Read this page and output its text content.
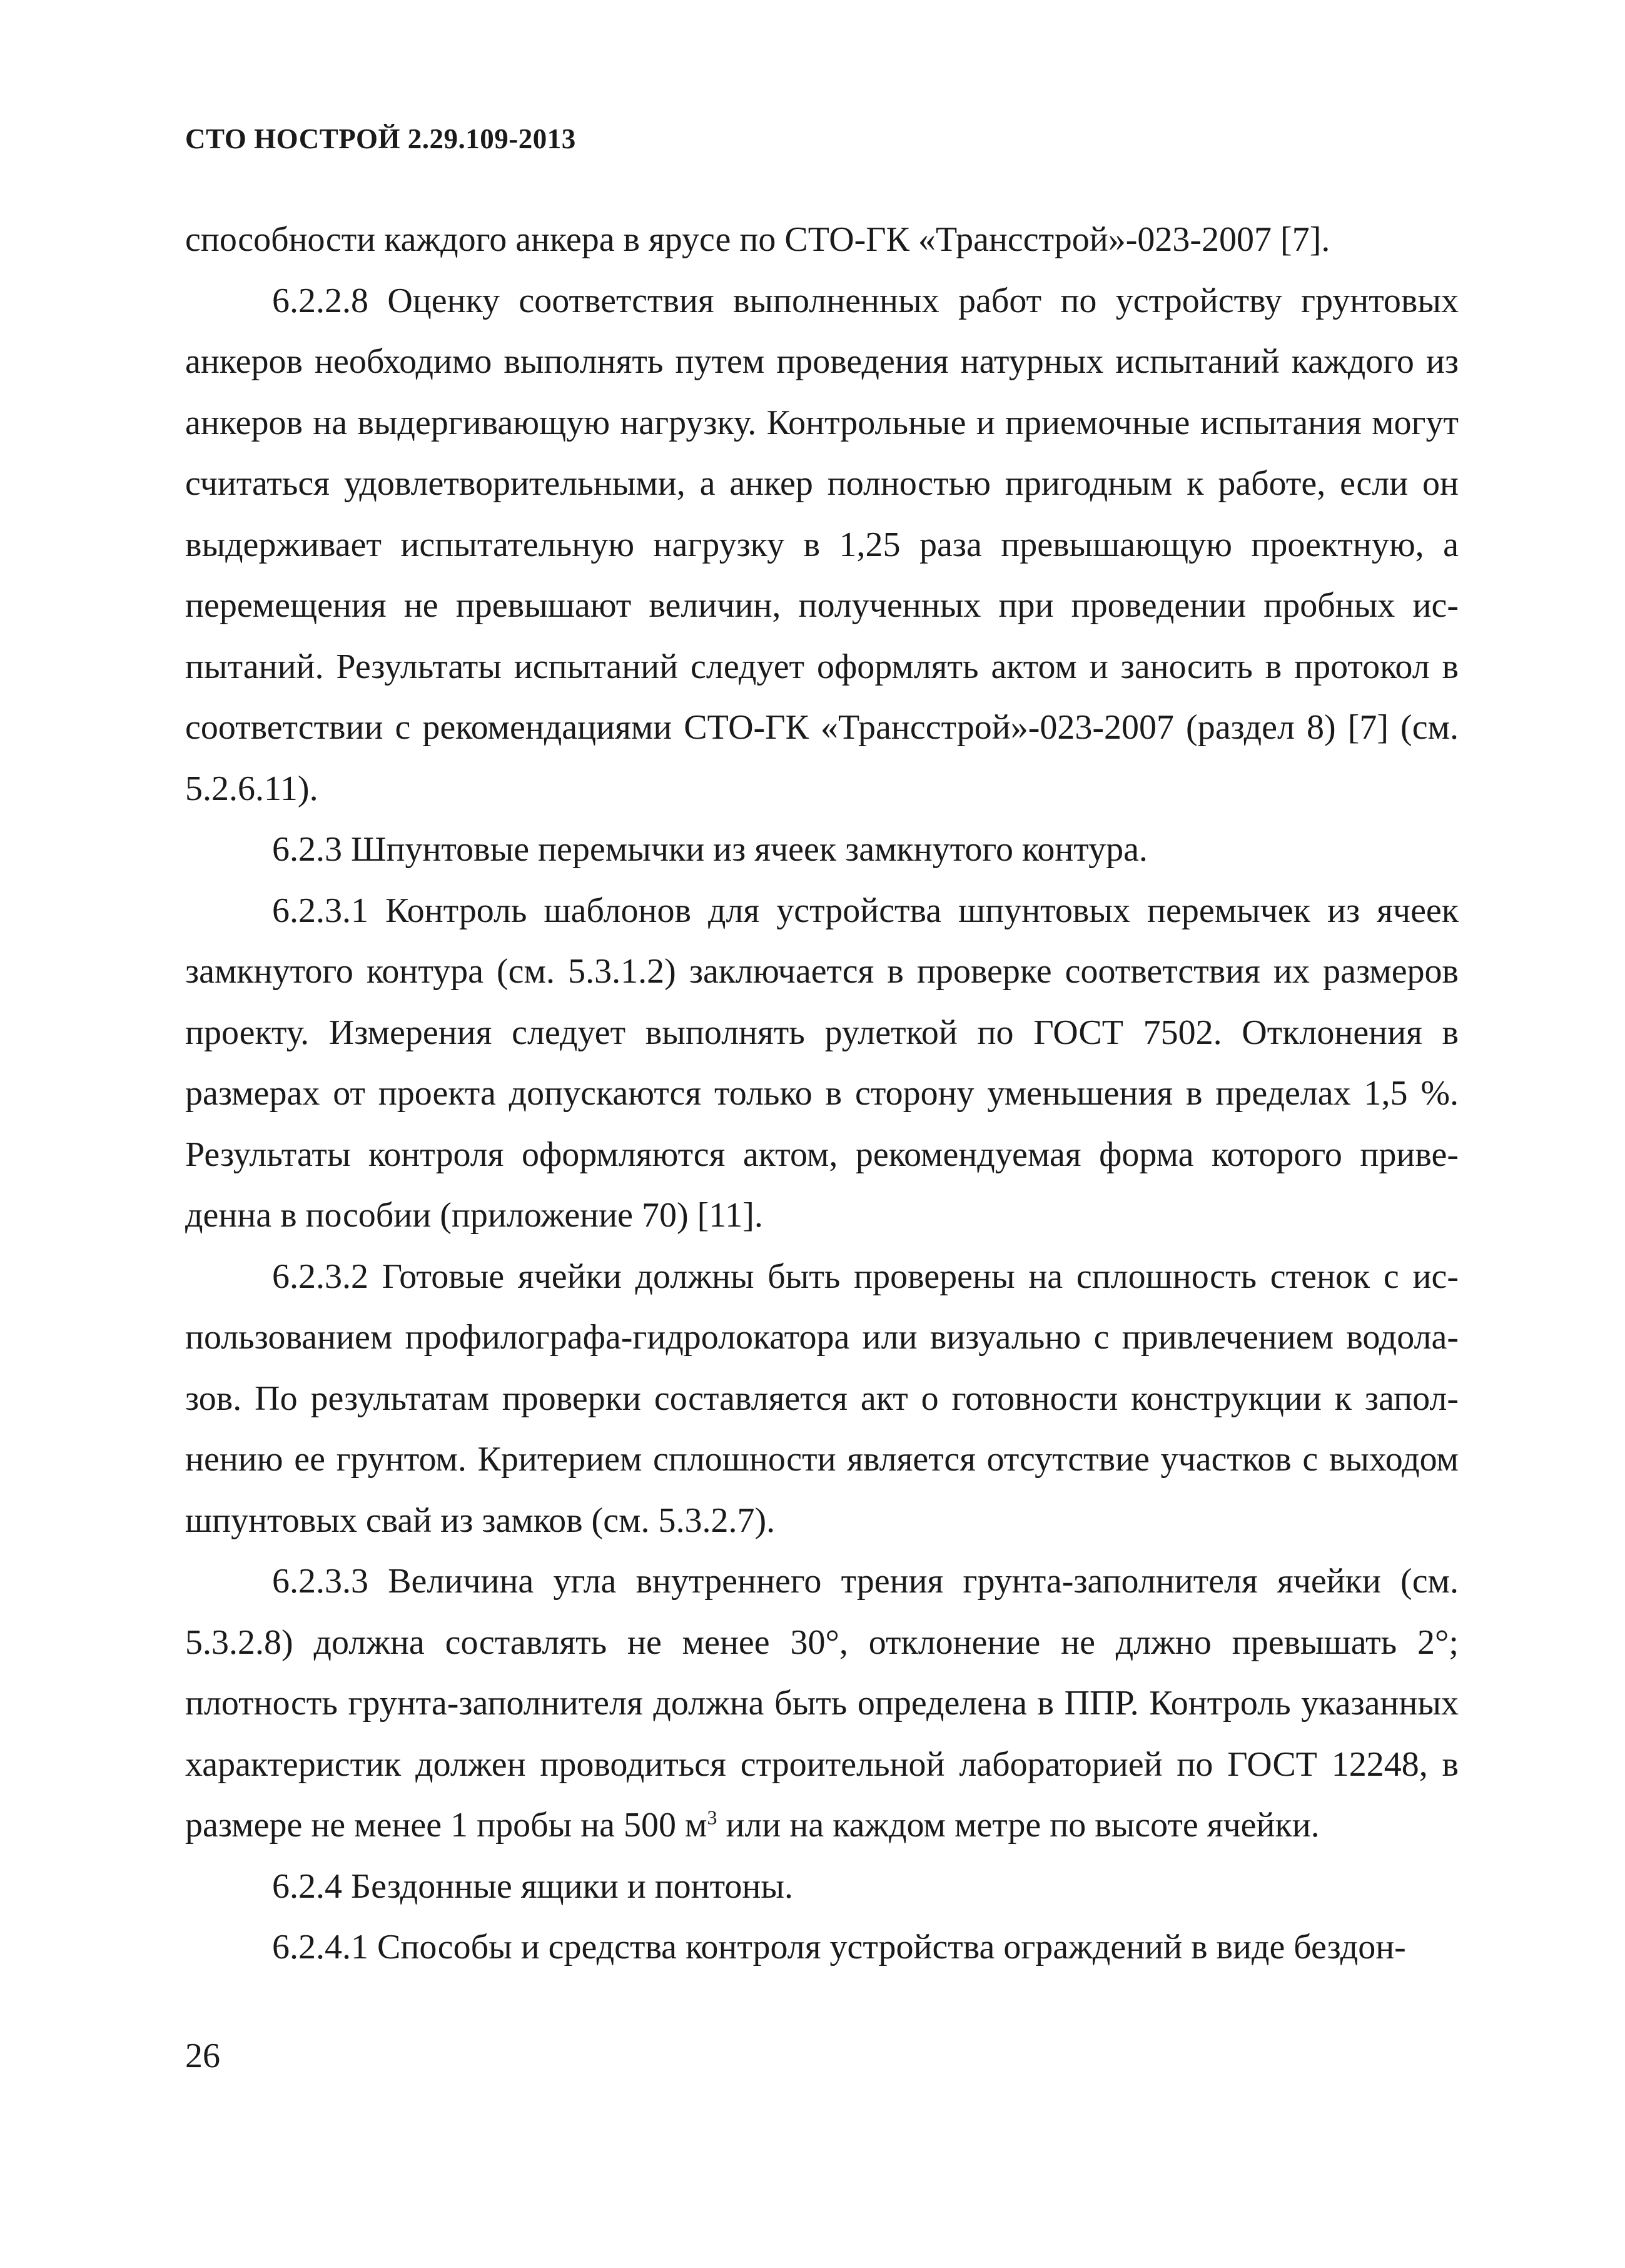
СТО НОСТРОЙ 2.29.109-2013

способности каждого анкера в ярусе по СТО-ГК «Трансстрой»-023-2007 [7].

6.2.2.8 Оценку соответствия выполненных работ по устройству грунтовых анкеров необходимо выполнять путем проведения натурных испытаний каждого из анкеров на выдергивающую нагрузку. Контрольные и приемочные испытания могут считаться удовлетворительными, а анкер полностью пригодным к работе, если он выдерживает испытательную нагрузку в 1,25 раза превышающую проектную, а перемещения не превышают величин, полученных при проведении пробных испытаний. Результаты испытаний следует оформлять актом и заносить в протокол в соответствии с рекомендациями СТО-ГК «Трансстрой»-023-2007 (раздел 8) [7] (см. 5.2.6.11).

6.2.3 Шпунтовые перемычки из ячеек замкнутого контура.

6.2.3.1 Контроль шаблонов для устройства шпунтовых перемычек из ячеек замкнутого контура (см. 5.3.1.2) заключается в проверке соответствия их размеров проекту. Измерения следует выполнять рулеткой по ГОСТ 7502. Отклонения в размерах от проекта допускаются только в сторону уменьшения в пределах 1,5 %. Результаты контроля оформляются актом, рекомендуемая форма которого приведенна в пособии (приложение 70) [11].

6.2.3.2 Готовые ячейки должны быть проверены на сплошность стенок с использованием профилографа-гидролокатора или визуально с привлечением водолазов. По результатам проверки составляется акт о готовности конструкции к заполнению ее грунтом. Критерием сплошности является отсутствие участков с выходом шпунтовых свай из замков (см. 5.3.2.7).

6.2.3.3 Величина угла внутреннего трения грунта-заполнителя ячейки (см. 5.3.2.8) должна составлять не менее 30°, отклонение не длжно превышать 2°; плотность грунта-заполнителя должна быть определена в ППР. Контроль указанных характеристик должен проводиться строительной лабораторией по ГОСТ 12248, в размере не менее 1 пробы на 500 $м^3$ или на каждом метре по высоте ячейки.

6.2.4 Бездонные ящики и понтоны.

6.2.4.1 Способы и средства контроля устройства ограждений в виде бездон-

26
